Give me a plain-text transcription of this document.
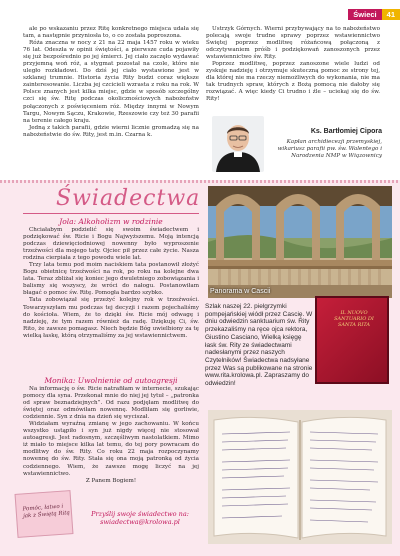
Świeci	41

ale po wskazaniu przez Ritę konkretnego miejsca udała się tam, a następnie przyniosła to, o co została poproszona.

Róża znaczna w nocy z 21 na 22 maja 1457 roku w wieku 76 lat. Odeszła w opinii świętości, a pierwsze cuda pojawiły się już bezpośrednio po jej śmierci. Jej ciało zaczęło wydawać przyjemną woń róż, a stygmat pozostał na czole, które nie uległo rozkładowi. Do dziś jej ciało wystawione jest w szklanej trumnie. Historia życia Rity budzi coraz większe zainteresowanie. Liczba jej czcicieli wzrasta z roku na rok. W Polsce znanych jest kilka miejsc, gdzie w sposób szczególny czci się św. Ritę podczas okolicznościowych nabożeństw połączonych z poświęceniem róż. Między innymi w Nowym Targu, Nowym Sączu, Krakowie, Rzeszowie czy też 30 parafii na terenie całego kraju.

Jedną z takich parafii, gdzie wierni licznie gromadzą się na nabożeństwie do św. Rity, jest m.in. Czarna k.

Ustrzyk Górnych. Wierni przybywający na to nabożeństwo polecają swoje trudne sprawy poprzez wstawiennictwo Świętej poprzez modlitwę różańcową połączoną z odczytywaniem próśb i podziękowań zanoszonych przez wstawiennictwo św. Rity.

Poprzez modlitwę, poprzez zanoszone wiele ludzi od zyskuje nadzieję i otrzymuje skuteczną pomoc ze strony tej, dla której nie ma rzeczy niemożliwych do wykonania, nie ma tak trudnych spraw, których z Bożą pomocą nie dałoby się rozwiązać. A więc kiedy Ci trudno i źle – uciekaj się do św. Rity!

Ks. Bartłomiej Cipora
Kapłan archidiecezji przemyskiej, wikariusz parafii pw. św. Walentego i Narodzenia NMP w Wiązownicy
Świadectwa
Jola: Alkoholizm w rodzinie

Chciałabym podzielić się swoim świadectwem i podziękować św. Ricie i Bogu Najwyższemu. Moją intencją podczas dziewięciodniowej nowenny było wyproszenie trzeźwości dla mojego taty. Ojciec pił przez całe życie. Nasza rodzina cierpiała z tego powodu wiele lat.

Trzy lata temu pod moim naciskiem tata postanowił złożyć Bogu obietnicę trzeźwości na rok, po roku na kolejne dwa lata. Teraz zbliżał się koniec jego dwuletniego zobowiązania i balismy się wszyscy, że wróci do nałogu. Postanowiłam błagać o pomoc św. Ritę. Pomogła bardzo szybko.

Tata zobowiązał się przeżyć kolejny rok w trzeźwości. Towarzyszyłam mu podczas tej decyzji i razem pojechaliśmy do kościoła. Wiem, że to dzięki św. Ricie mój odwagę i nadzieję, że tym razem również da radę. Dziękuję Ci, św. Rito, że zawsze pomagasz. Niech będzie Bóg uwielbiony za tę wielką łaskę, którą otrzymaliśmy za jej wstawiennictwem.

Monika: Uwolnienie od autoagresji

Na informację o św. Ricie natrafiłam w internecie, szukając pomocy dla syna. Przekonał mnie do niej jej tytuł – „patronka od spraw beznadziejnych”. Od razu podjęłam modlitwę do świętej oraz odmówiłam nowennę. Modliłam się gorliwie, codziennie. Syn z dnia na dzień się wyciszał.

Widziałam wyraźną zmianę w jego zachowaniu. W końcu wszystko ustąpiło i syn już nigdy więcej nie stosował autoagresji. Jest radosnym, szczęśliwym nastolatkiem. Mimo iż miało to miejsce kilka lat temu, do tej pory powracam do modlitwy do św. Rity. Co roku 22 maja rozpoczynamy nowennę do św. Rity. Stała się ona moją patronką od życia codziennego. Wiem, że zawsze mogę liczyć na jej wstawiennictwo.

Z Panem Bogiem!

Pomóc, łatwo i jak z Świętą Ritą	Przyślij swoje świadectwo na:
swiadectwa@krolowa.pl
Panorama w Cascii
Szlak naszej 22. pielgrzymki pompejańskiej wiódł przez Cascię. W dniu odwiedzin sanktuarium św. Rity przekazaliśmy na ręce ojca rektora, Giustino Casciano, Wielką księgę łask św. Rity ze świadectwami nadesłanymi przez naszych Czytelników! Świadectwa nadsyłane przez Was są publikowane na stronie www.rita.krolowa.pl. Zapraszamy do odwiedzin!
IL NUOVO SANTUARIO DI SANTA RITA
